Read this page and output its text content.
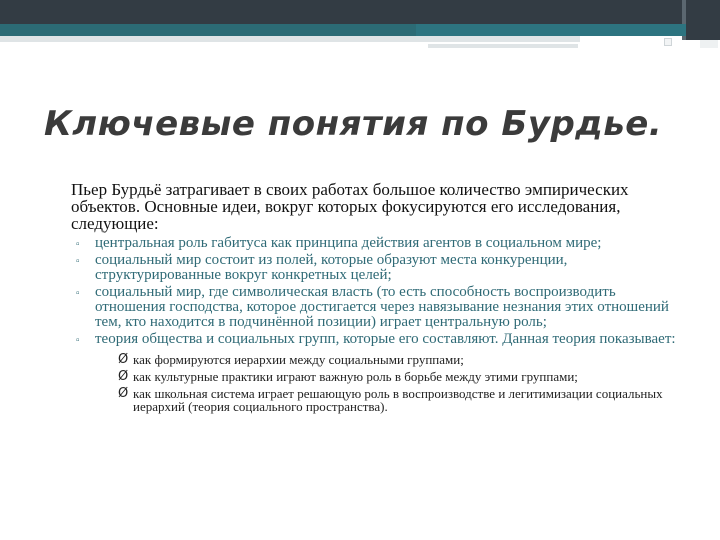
Ключевые понятия по Бурдье.

Пьер Бурдьё затрагивает в своих работах большое количество эмпирических объектов. Основные идеи, вокруг которых фокусируются его исследования, следующие:

▫ центральная роль габитуса как принципа действия агентов в социальном мире;
▫ социальный мир состоит из полей, которые образуют места конкуренции, структурированные вокруг конкретных целей;
▫ социальный мир, где символическая власть (то есть способность воспроизводить отношения господства, которое достигается через навязывание незнания этих отношений тем, кто находится в подчинённой позиции) играет центральную роль;
▫ теория общества и социальных групп, которые его составляют. Данная теория показывает:
Ø как формируются иерархии между социальными группами;
Ø как культурные практики играют важную роль в борьбе между этими группами;
Ø как школьная система играет решающую роль в воспроизводстве и легитимизации социальных иерархий (теория социального пространства).
